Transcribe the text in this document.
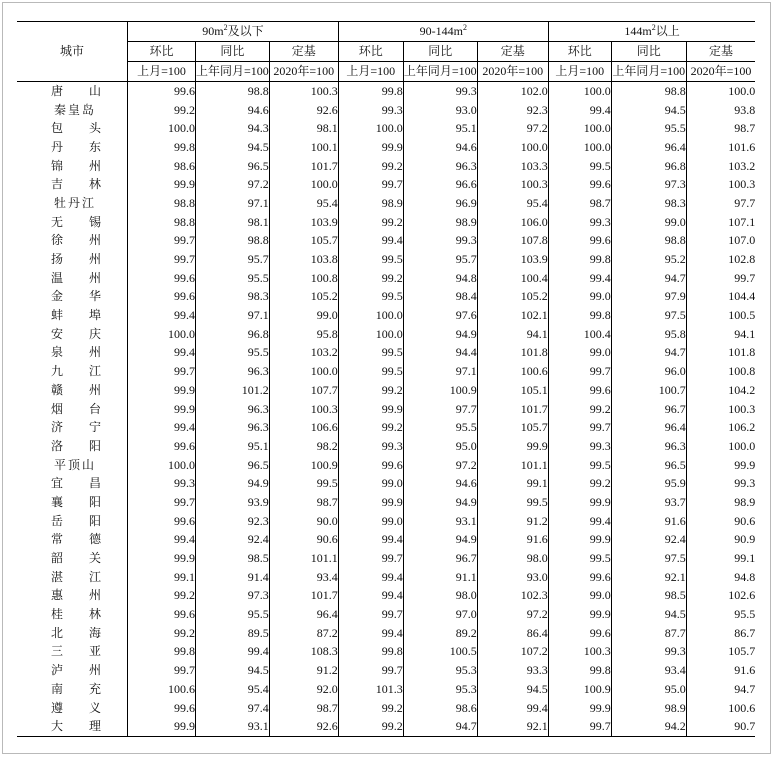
城市	$90m^2$及以下			$90-144m^2$			$144m^2$以上		
	环比	同比	定基	环比	同比	定基	环比	同比	定基
	上月=100	上年同月=100	2020年=100	上月=100	上年同月=100	2020年=100	上月=100	上年同月=100	2020年=100
唐山	99.6	98.8	100.3	99.8	99.3	102.0	100.0	98.8	100.0
秦皇岛	99.2	94.6	92.6	99.3	93.0	92.3	99.4	94.5	93.8
包头	100.0	94.3	98.1	100.0	95.1	97.2	100.0	95.5	98.7
丹东	99.8	94.5	100.1	99.9	94.6	100.0	100.0	96.4	101.6
锦州	98.6	96.5	101.7	99.2	96.3	103.3	99.5	96.8	103.2
吉林	99.9	97.2	100.0	99.7	96.6	100.3	99.6	97.3	100.3
牡丹江	98.8	97.1	95.4	98.9	96.9	95.4	98.7	98.3	97.7
无锡	98.8	98.1	103.9	99.2	98.9	106.0	99.3	99.0	107.1
徐州	99.7	98.8	105.7	99.4	99.3	107.8	99.6	98.8	107.0
扬州	99.7	95.7	103.8	99.5	95.7	103.9	99.8	95.2	102.8
温州	99.6	95.5	100.8	99.2	94.8	100.4	99.4	94.7	99.7
金华	99.6	98.3	105.2	99.5	98.4	105.2	99.0	97.9	104.4
蚌埠	99.4	97.1	99.0	100.0	97.6	102.1	99.8	97.5	100.5
安庆	100.0	96.8	95.8	100.0	94.9	94.1	100.4	95.8	94.1
泉州	99.4	95.5	103.2	99.5	94.4	101.8	99.0	94.7	101.8
九江	99.7	96.3	100.0	99.5	97.1	100.6	99.7	96.0	100.8
赣州	99.9	101.2	107.7	99.2	100.9	105.1	99.6	100.7	104.2
烟台	99.9	96.3	100.3	99.9	97.7	101.7	99.2	96.7	100.3
济宁	99.4	96.3	106.6	99.2	95.5	105.7	99.7	96.4	106.2
洛阳	99.6	95.1	98.2	99.3	95.0	99.9	99.3	96.3	100.0
平顶山	100.0	96.5	100.9	99.6	97.2	101.1	99.5	96.5	99.9
宜昌	99.3	94.9	99.5	99.0	94.6	99.1	99.2	95.9	99.3
襄阳	99.7	93.9	98.7	99.9	94.9	99.5	99.9	93.7	98.9
岳阳	99.6	92.3	90.0	99.0	93.1	91.2	99.4	91.6	90.6
常德	99.4	92.4	90.6	99.4	94.9	91.6	99.9	92.4	90.9
韶关	99.9	98.5	101.1	99.7	96.7	98.0	99.5	97.5	99.1
湛江	99.1	91.4	93.4	99.4	91.1	93.0	99.6	92.1	94.8
惠州	99.2	97.3	101.7	99.4	98.0	102.3	99.0	98.5	102.6
桂林	99.6	95.5	96.4	99.7	97.0	97.2	99.9	94.5	95.5
北海	99.2	89.5	87.2	99.4	89.2	86.4	99.6	87.7	86.7
三亚	99.8	99.4	108.3	99.8	100.5	107.2	100.3	99.3	105.7
泸州	99.7	94.5	91.2	99.7	95.3	93.3	99.8	93.4	91.6
南充	100.6	95.4	92.0	101.3	95.3	94.5	100.9	95.0	94.7
遵义	99.6	97.4	98.7	99.2	98.6	99.4	99.9	98.9	100.6
大理	99.9	93.1	92.6	99.2	94.7	92.1	99.7	94.2	90.7
